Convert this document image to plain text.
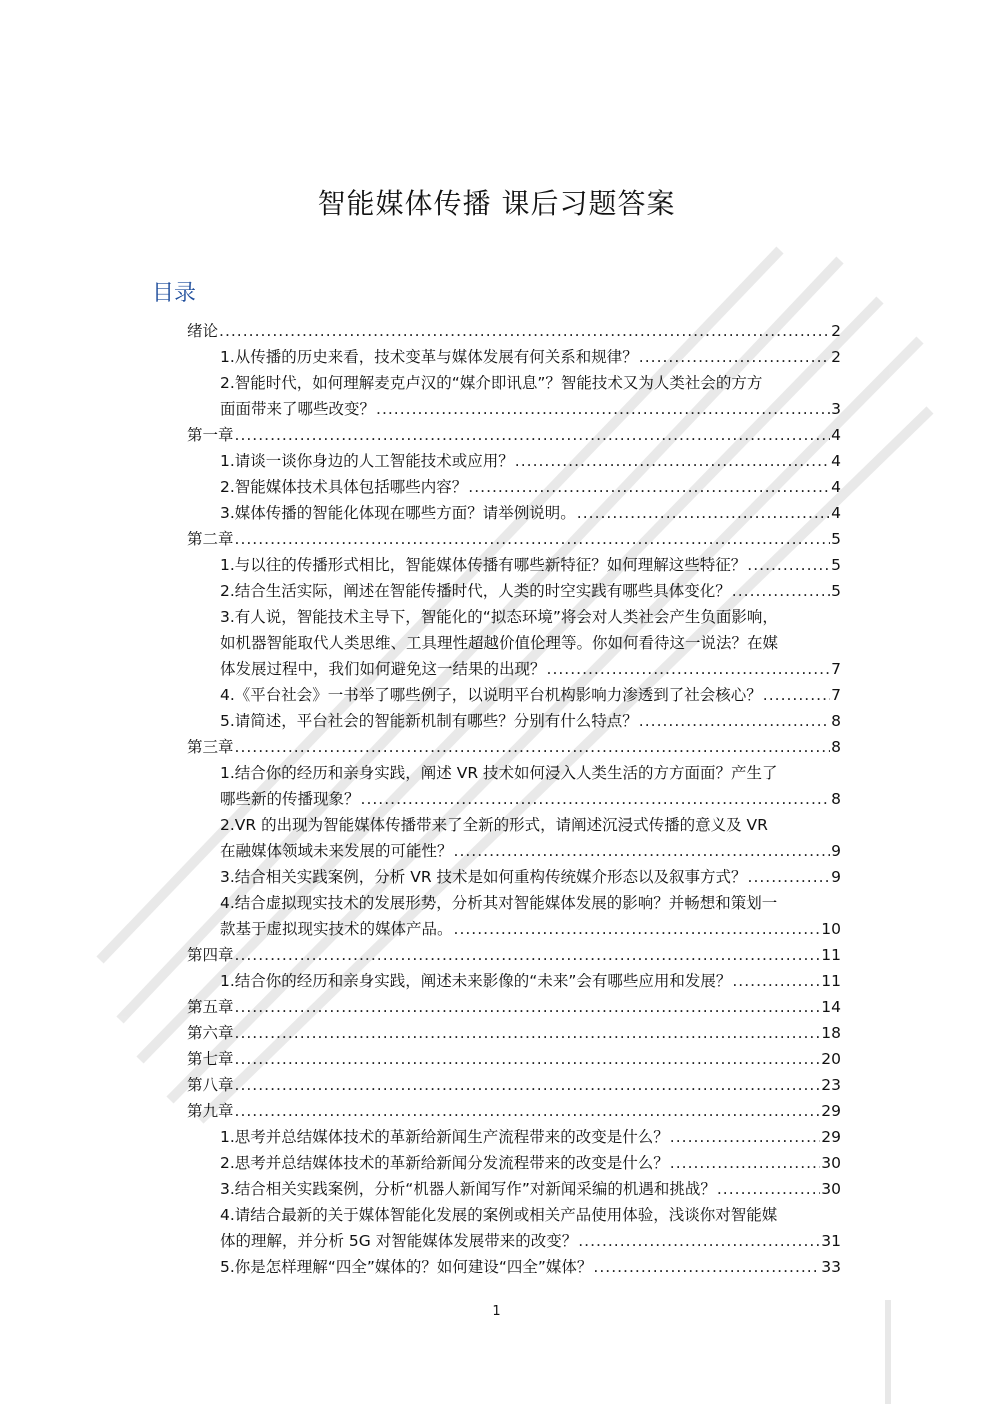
智能媒体传播 课后习题答案
目录
绪论 .....	2
1.从传播的历史来看，技术变革与媒体发展有何关系和规律？ .....	2
2.智能时代，如何理解麦克卢汉的“媒介即讯息”？智能技术又为人类社会的方方
面面带来了哪些改变？ .....	3
第一章 .....	4
1.请谈一谈你身边的人工智能技术或应用？ .....	4
2.智能媒体技术具体包括哪些内容？ .....	4
3.媒体传播的智能化体现在哪些方面？请举例说明。 .....	4
第二章 .....	5
1.与以往的传播形式相比，智能媒体传播有哪些新特征？如何理解这些特征？ .....	5
2.结合生活实际，阐述在智能传播时代，人类的时空实践有哪些具体变化？ .....	5
3.有人说，智能技术主导下，智能化的“拟态环境”将会对人类社会产生负面影响，
如机器智能取代人类思维、工具理性超越价值伦理等。你如何看待这一说法？在媒
体发展过程中，我们如何避免这一结果的出现？ .....	7
4.《平台社会》一书举了哪些例子，以说明平台机构影响力渗透到了社会核心？ .....	7
5.请简述，平台社会的智能新机制有哪些？分别有什么特点？ .....	8
第三章 .....	8
1.结合你的经历和亲身实践，阐述 VR 技术如何浸入人类生活的方方面面？产生了
哪些新的传播现象？ .....	8
2.VR 的出现为智能媒体传播带来了全新的形式，请阐述沉浸式传播的意义及 VR
在融媒体领域未来发展的可能性？ .....	9
3.结合相关实践案例，分析 VR 技术是如何重构传统媒介形态以及叙事方式？ .....	9
4.结合虚拟现实技术的发展形势，分析其对智能媒体发展的影响？并畅想和策划一
款基于虚拟现实技术的媒体产品。 .....	10
第四章 .....	11
1.结合你的经历和亲身实践，阐述未来影像的“未来”会有哪些应用和发展？ .....	11
第五章 .....	14
第六章 .....	18
第七章 .....	20
第八章 .....	23
第九章 .....	29
1.思考并总结媒体技术的革新给新闻生产流程带来的改变是什么？ .....	29
2.思考并总结媒体技术的革新给新闻分发流程带来的改变是什么？ .....	30
3.结合相关实践案例，分析“机器人新闻写作”对新闻采编的机遇和挑战？ .....	30
4.请结合最新的关于媒体智能化发展的案例或相关产品使用体验，浅谈你对智能媒
体的理解，并分析 5G 对智能媒体发展带来的改变？ .....	31
5.你是怎样理解“四全”媒体的？如何建设“四全”媒体？ .....	33
1
